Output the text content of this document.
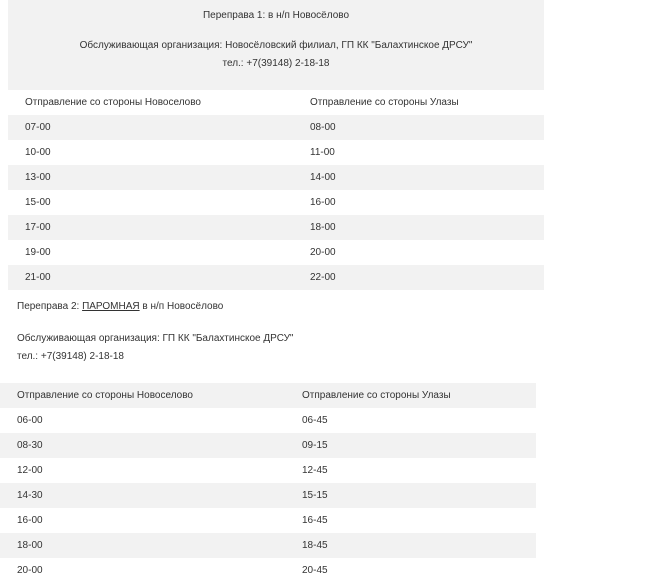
Переправа 1: в н/п Новосёлово
Обслуживающая организация: Новосёловский филиал, ГП КК "Балахтинское ДРСУ"
тел.: +7(39148) 2-18-18
Отправление со стороны Новоселово	Отправление со стороны Улазы
07-00	08-00
10-00	11-00
13-00	14-00
15-00	16-00
17-00	18-00
19-00	20-00
21-00	22-00
Переправа 2: ПАРОМНАЯ в н/п Новосёлово
Обслуживающая организация: ГП КК "Балахтинское ДРСУ"
тел.: +7(39148) 2-18-18
Отправление со стороны Новоселово	Отправление со стороны Улазы
06-00	06-45
08-30	09-15
12-00	12-45
14-30	15-15
16-00	16-45
18-00	18-45
20-00	20-45
